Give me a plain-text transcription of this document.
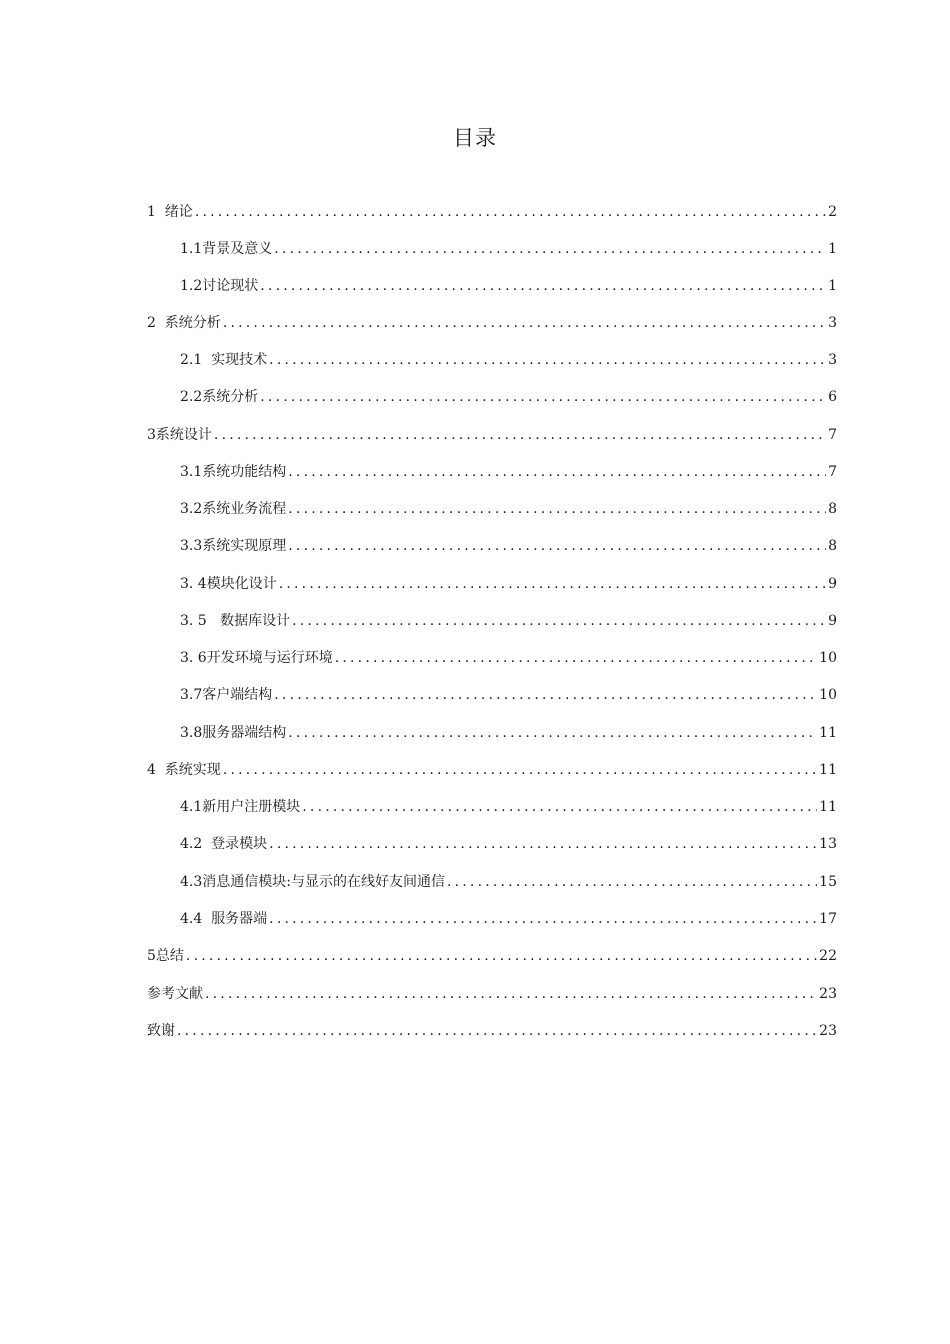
目录
1  绪论 .....	2
1.1背景及意义 .....	1
1.2讨论现状 .....	1
2  系统分析 .....	3
2.1  实现技术 .....	3
2.2系统分析 .....	6
3系统设计 .....	7
3.1系统功能结构 .....	7
3.2系统业务流程 .....	8
3.3系统实现原理 .....	8
3. 4模块化设计 .....	9
3. 5   数据库设计 .....	9
3. 6开发环境与运行环境 .....	10
3.7客户端结构 .....	10
3.8服务器端结构 .....	11
4  系统实现 .....	11
4.1新用户注册模块 .....	11
4.2  登录模块 .....	13
4.3消息通信模块:与显示的在线好友间通信 .....	15
4.4  服务器端 .....	17
5总结 .....	22
参考文献 .....	23
致谢 .....	23
